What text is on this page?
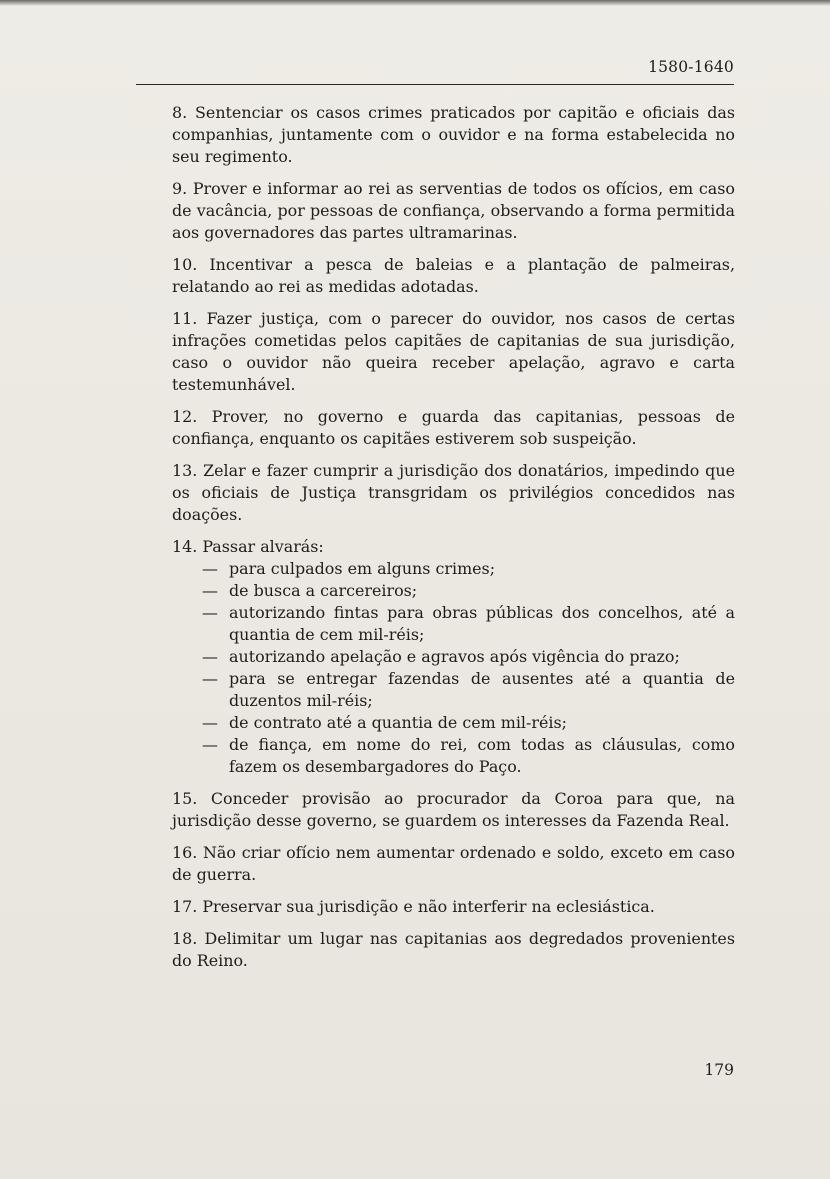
1580-1640

8. Sentenciar os casos crimes praticados por capitão e oficiais das companhias, juntamente com o ouvidor e na forma estabelecida no seu regimento.

9. Prover e informar ao rei as serventias de todos os ofícios, em caso de vacância, por pessoas de confiança, observando a forma permitida aos governadores das partes ultramarinas.

10. Incentivar a pesca de baleias e a plantação de palmeiras, relatando ao rei as medidas adotadas.

11. Fazer justiça, com o parecer do ouvidor, nos casos de certas infrações cometidas pelos capitães de capitanias de sua jurisdição, caso o ouvidor não queira receber apelação, agravo e carta testemunhável.

12. Prover, no governo e guarda das capitanias, pessoas de confiança, enquanto os capitães estiverem sob suspeição.

13. Zelar e fazer cumprir a jurisdição dos donatários, impedindo que os oficiais de Justiça transgridam os privilégios concedidos nas doações.

14. Passar alvarás:

— para culpados em alguns crimes;
— de busca a carcereiros;
— autorizando fintas para obras públicas dos concelhos, até a quantia de cem mil-réis;
— autorizando apelação e agravos após vigência do prazo;
— para se entregar fazendas de ausentes até a quantia de duzentos mil-réis;
— de contrato até a quantia de cem mil-réis;
— de fiança, em nome do rei, com todas as cláusulas, como fazem os desembargadores do Paço.

15. Conceder provisão ao procurador da Coroa para que, na jurisdição desse governo, se guardem os interesses da Fazenda Real.

16. Não criar ofício nem aumentar ordenado e soldo, exceto em caso de guerra.

17. Preservar sua jurisdição e não interferir na eclesiástica.

18. Delimitar um lugar nas capitanias aos degredados provenientes do Reino.

179
